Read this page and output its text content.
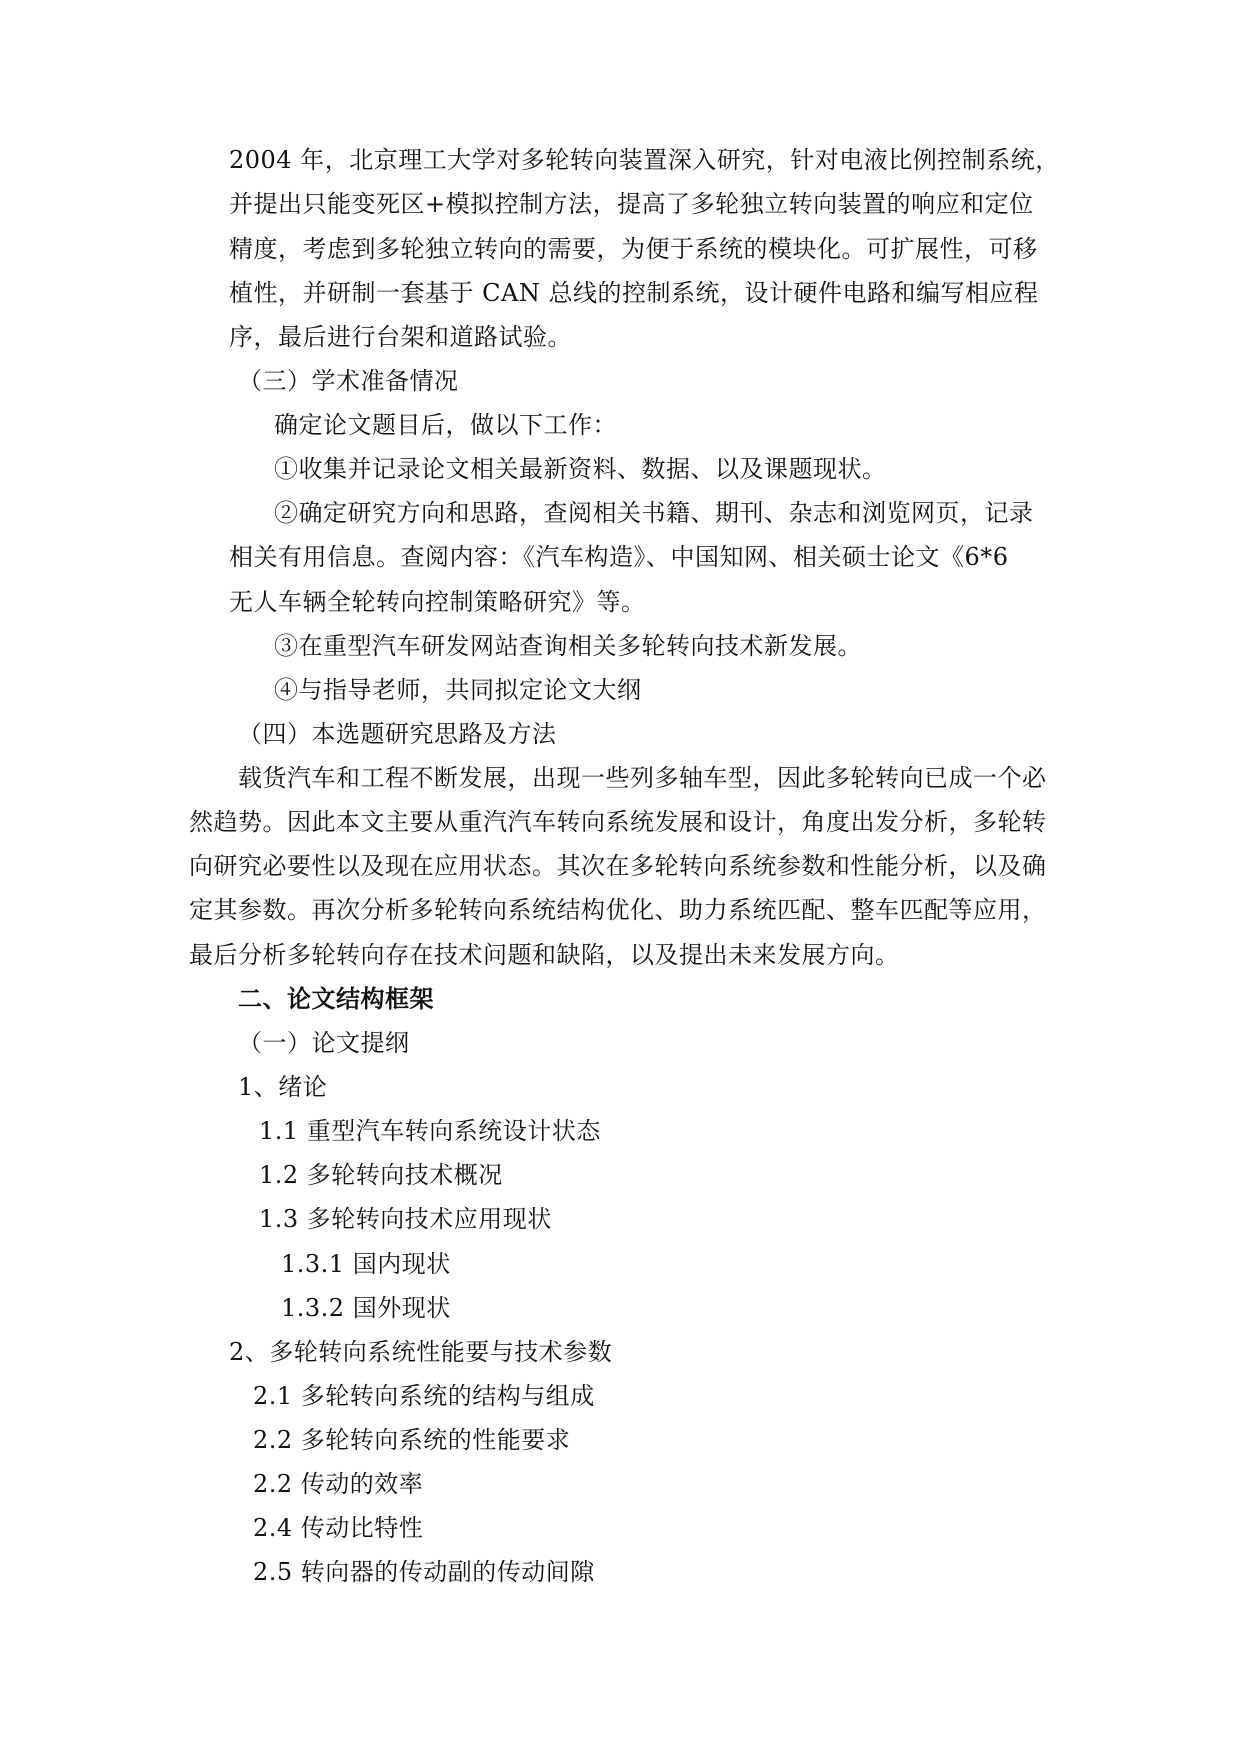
2004 年，北京理工大学对多轮转向装置深入研究，针对电液比例控制系统，
并提出只能变死区+模拟控制方法，提高了多轮独立转向装置的响应和定位
精度，考虑到多轮独立转向的需要，为便于系统的模块化。可扩展性，可移
植性，并研制一套基于 CAN 总线的控制系统，设计硬件电路和编写相应程
序，最后进行台架和道路试验。
（三）学术准备情况
确定论文题目后，做以下工作：
①收集并记录论文相关最新资料、数据、以及课题现状。
②确定研究方向和思路，查阅相关书籍、期刊、杂志和浏览网页，记录
相关有用信息。查阅内容：《汽车构造》、中国知网、相关硕士论文《6*6
无人车辆全轮转向控制策略研究》等。
③在重型汽车研发网站查询相关多轮转向技术新发展。
④与指导老师，共同拟定论文大纲
（四）本选题研究思路及方法
载货汽车和工程不断发展，出现一些列多轴车型，因此多轮转向已成一个必
然趋势。因此本文主要从重汽汽车转向系统发展和设计，角度出发分析，多轮转
向研究必要性以及现在应用状态。其次在多轮转向系统参数和性能分析，以及确
定其参数。再次分析多轮转向系统结构优化、助力系统匹配、整车匹配等应用，
最后分析多轮转向存在技术问题和缺陷，以及提出未来发展方向。
二、论文结构框架
（一）论文提纲
1、绪论
1.1 重型汽车转向系统设计状态
1.2 多轮转向技术概况
1.3 多轮转向技术应用现状
1.3.1 国内现状
1.3.2 国外现状
2、多轮转向系统性能要与技术参数
2.1 多轮转向系统的结构与组成
2.2 多轮转向系统的性能要求
2.2 传动的效率
2.4 传动比特性
2.5 转向器的传动副的传动间隙
